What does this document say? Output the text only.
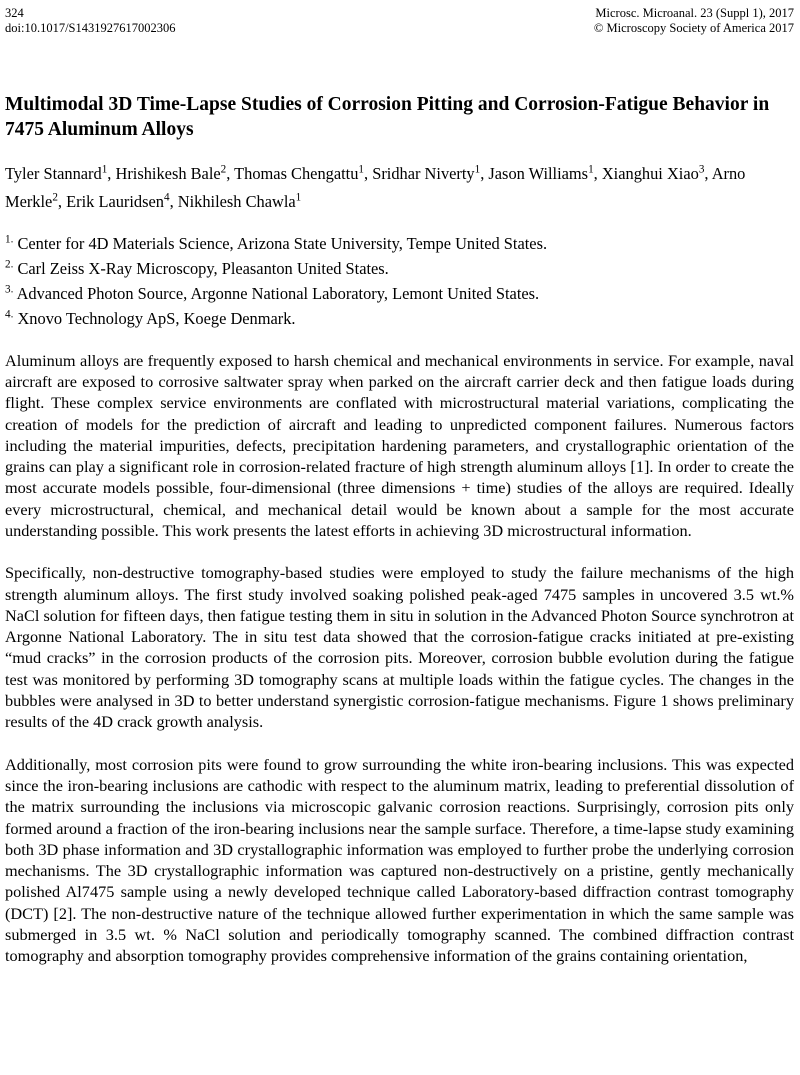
324
doi:10.1017/S1431927617002306
Microsc. Microanal. 23 (Suppl 1), 2017
© Microscopy Society of America 2017
Multimodal 3D Time-Lapse Studies of Corrosion Pitting and Corrosion-Fatigue Behavior in 7475 Aluminum Alloys

Tyler Stannard$^1$, Hrishikesh Bale$^2$, Thomas Chengattu$^1$, Sridhar Niverty$^1$, Jason Williams$^1$, Xianghui Xiao$^3$, Arno Merkle$^2$, Erik Lauridsen$^4$, Nikhilesh Chawla$^1$

$^{1.}$ Center for 4D Materials Science, Arizona State University, Tempe United States.
$^{2.}$ Carl Zeiss X-Ray Microscopy, Pleasanton United States.
$^{3.}$ Advanced Photon Source, Argonne National Laboratory, Lemont United States.
$^{4.}$ Xnovo Technology ApS, Koege Denmark.

Aluminum alloys are frequently exposed to harsh chemical and mechanical environments in service. For example, naval aircraft are exposed to corrosive saltwater spray when parked on the aircraft carrier deck and then fatigue loads during flight. These complex service environments are conflated with microstructural material variations, complicating the creation of models for the prediction of aircraft and leading to unpredicted component failures. Numerous factors including the material impurities, defects, precipitation hardening parameters, and crystallographic orientation of the grains can play a significant role in corrosion-related fracture of high strength aluminum alloys [1]. In order to create the most accurate models possible, four-dimensional (three dimensions + time) studies of the alloys are required. Ideally every microstructural, chemical, and mechanical detail would be known about a sample for the most accurate understanding possible. This work presents the latest efforts in achieving 3D microstructural information.

Specifically, non-destructive tomography-based studies were employed to study the failure mechanisms of the high strength aluminum alloys. The first study involved soaking polished peak-aged 7475 samples in uncovered 3.5 wt.% NaCl solution for fifteen days, then fatigue testing them in situ in solution in the Advanced Photon Source synchrotron at Argonne National Laboratory. The in situ test data showed that the corrosion-fatigue cracks initiated at pre-existing “mud cracks” in the corrosion products of the corrosion pits. Moreover, corrosion bubble evolution during the fatigue test was monitored by performing 3D tomography scans at multiple loads within the fatigue cycles. The changes in the bubbles were analysed in 3D to better understand synergistic corrosion-fatigue mechanisms. Figure 1 shows preliminary results of the 4D crack growth analysis.

Additionally, most corrosion pits were found to grow surrounding the white iron-bearing inclusions. This was expected since the iron-bearing inclusions are cathodic with respect to the aluminum matrix, leading to preferential dissolution of the matrix surrounding the inclusions via microscopic galvanic corrosion reactions. Surprisingly, corrosion pits only formed around a fraction of the iron-bearing inclusions near the sample surface. Therefore, a time-lapse study examining both 3D phase information and 3D crystallographic information was employed to further probe the underlying corrosion mechanisms. The 3D crystallographic information was captured non-destructively on a pristine, gently mechanically polished Al7475 sample using a newly developed technique called Laboratory-based diffraction contrast tomography (DCT) [2]. The non-destructive nature of the technique allowed further experimentation in which the same sample was submerged in 3.5 wt. % NaCl solution and periodically tomography scanned. The combined diffraction contrast tomography and absorption tomography provides comprehensive information of the grains containing orientation,
